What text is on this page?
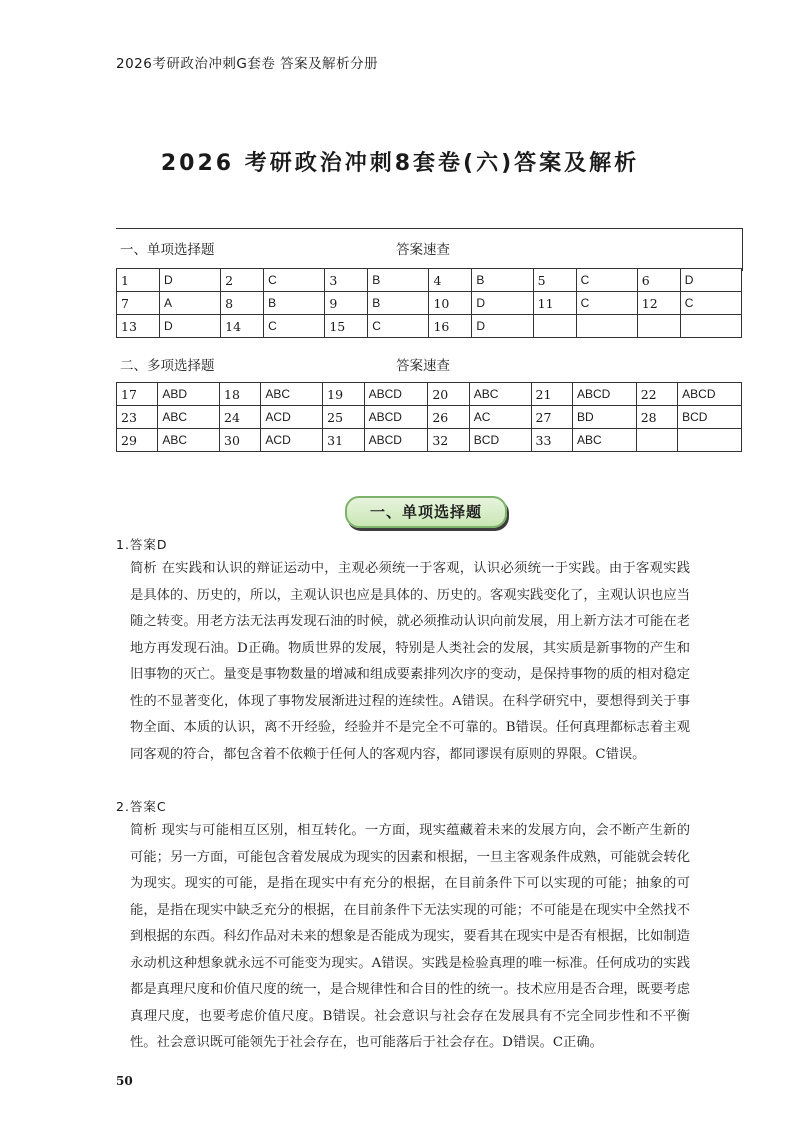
2026考研政治冲刺G套卷 答案及解析分册
2026 考研政治冲刺8套卷(六)答案及解析
一、单项选择题	答案速查
1	D	2	C	3	B	4	B	5	C	6	D
7	A	8	B	9	B	10	D	11	C	12	C
13	D	14	C	15	C	16	D				
二、多项选择题	答案速查
17	ABD	18	ABC	19	ABCD	20	ABC	21	ABCD	22	ABCD
23	ABC	24	ACD	25	ABCD	26	AC	27	BD	28	BCD
29	ABC	30	ACD	31	ABCD	32	BCD	33	ABC		
一、单项选择题
1.答案D
简析 在实践和认识的辩证运动中，主观必须统一于客观，认识必须统一于实践。由于客观实践是具体的、历史的，所以，主观认识也应是具体的、历史的。客观实践变化了，主观认识也应当随之转变。用老方法无法再发现石油的时候，就必须推动认识向前发展，用上新方法才可能在老地方再发现石油。D正确。物质世界的发展，特别是人类社会的发展，其实质是新事物的产生和旧事物的灭亡。量变是事物数量的增减和组成要素排列次序的变动，是保持事物的质的相对稳定性的不显著变化，体现了事物发展渐进过程的连续性。A错误。在科学研究中，要想得到关于事物全面、本质的认识，离不开经验，经验并不是完全不可靠的。B错误。任何真理都标志着主观同客观的符合，都包含着不依赖于任何人的客观内容，都同谬误有原则的界限。C错误。
2.答案C
简析 现实与可能相互区别，相互转化。一方面，现实蕴藏着未来的发展方向，会不断产生新的可能；另一方面，可能包含着发展成为现实的因素和根据，一旦主客观条件成熟，可能就会转化为现实。现实的可能，是指在现实中有充分的根据，在目前条件下可以实现的可能；抽象的可能，是指在现实中缺乏充分的根据，在目前条件下无法实现的可能；不可能是在现实中全然找不到根据的东西。科幻作品对未来的想象是否能成为现实，要看其在现实中是否有根据，比如制造永动机这种想象就永远不可能变为现实。A错误。实践是检验真理的唯一标准。任何成功的实践都是真理尺度和价值尺度的统一，是合规律性和合目的性的统一。技术应用是否合理，既要考虑真理尺度，也要考虑价值尺度。B错误。社会意识与社会存在发展具有不完全同步性和不平衡性。社会意识既可能领先于社会存在，也可能落后于社会存在。D错误。C正确。
50
